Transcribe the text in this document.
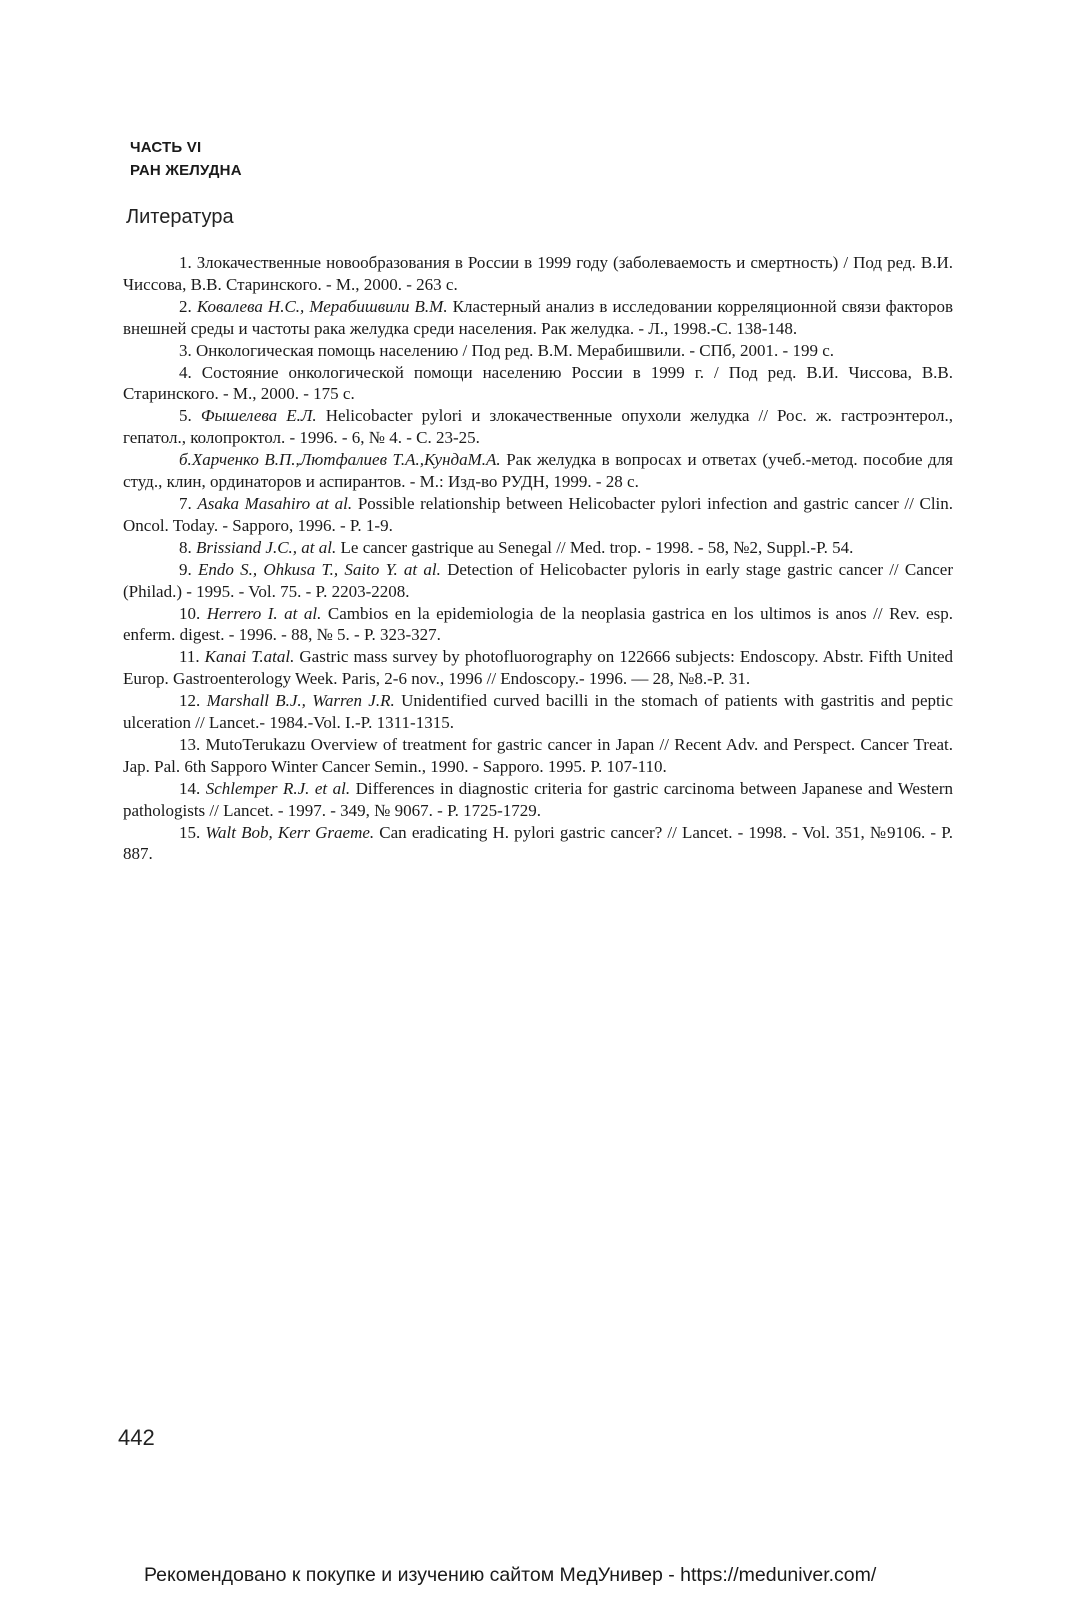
ЧАСТЬ VI
РАН ЖЕЛУДНА
Литература

1. Злокачественные новообразования в России в 1999 году (заболеваемость и смертность) / Под ред. В.И. Чиссова, В.В. Старинского. - М., 2000. - 263 с.

2. Ковалева Н.С., Мерабишвили В.М. Кластерный анализ в исследовании корреляционной связи факторов внешней среды и частоты рака желудка среди населения. Рак желудка. - Л., 1998.-С. 138-148.

3. Онкологическая помощь населению / Под ред. В.М. Мерабишвили. - СПб, 2001. - 199 с.

4. Состояние онкологической помощи населению России в 1999 г. / Под ред. В.И. Чиссова, В.В. Старинского. - М., 2000. - 175 с.

5. Фышелева Е.Л. Helicobacter pylori и злокачественные опухоли желудка // Рос. ж. гастроэнтерол., гепатол., колопроктол. - 1996. - 6, № 4. - С. 23-25.

б.Харченко В.П.,Лютфалиев Т.А.,КундаМ.А. Рак желудка в вопросах и ответах (учеб.-метод. пособие для студ., клин, ординаторов и аспирантов. - М.: Изд-во РУДН, 1999. - 28 с.

7. Asaka Masahiro at al. Possible relationship between Helicobacter pylori infection and gastric cancer // Clin. Oncol. Today. - Sapporo, 1996. - P. 1-9.

8. Brissiand J.C., at al. Le cancer gastrique au Senegal // Med. trop. - 1998. - 58, №2, Suppl.-P. 54.

9. Endo S., Ohkusa T., Saito Y. at al. Detection of Helicobacter pyloris in early stage gastric cancer // Cancer (Philad.) - 1995. - Vol. 75. - P. 2203-2208.

10. Herrero I. at al. Cambios en la epidemiologia de la neoplasia gastrica en los ultimos is anos // Rev. esp. enferm. digest. - 1996. - 88, № 5. - P. 323-327.

11. Kanai T.atal. Gastric mass survey by photofluorography on 122666 subjects: Endoscopy. Abstr. Fifth United Europ. Gastroenterology Week. Paris, 2-6 nov., 1996 // Endoscopy.- 1996. — 28, №8.-P. 31.

12. Marshall B.J., Warren J.R. Unidentified curved bacilli in the stomach of patients with gastritis and peptic ulceration // Lancet.- 1984.-Vol. I.-P. 1311-1315.

13. MutoTerukazu Overview of treatment for gastric cancer in Japan // Recent Adv. and Perspect. Cancer Treat. Jap. Pal. 6th Sapporo Winter Cancer Semin., 1990. - Sapporo. 1995. P. 107-110.

14. Schlemper R.J. et al. Differences in diagnostic criteria for gastric carcinoma between Japanese and Western pathologists // Lancet. - 1997. - 349, № 9067. - P. 1725-1729.

15. Walt Bob, Kerr Graeme. Can eradicating H. pylori gastric cancer? // Lancet. - 1998. - Vol. 351, №9106. - P. 887.

442
Рекомендовано к покупке и изучению сайтом МедУнивер - https://meduniver.com/
